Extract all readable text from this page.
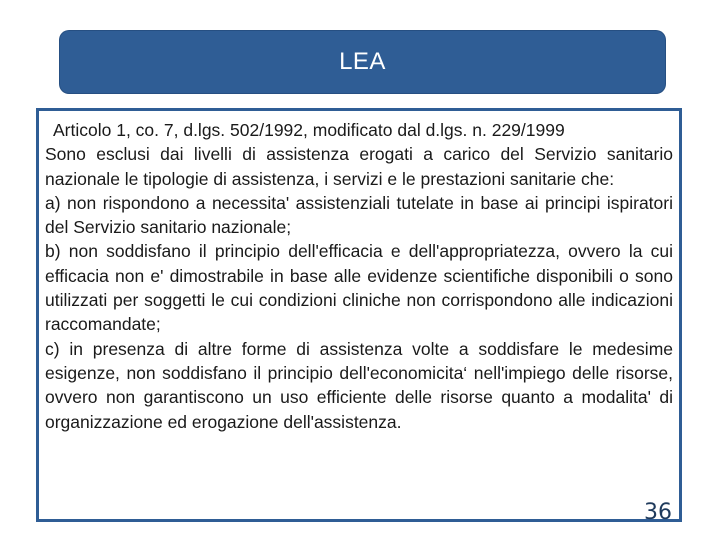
LEA

Articolo 1, co. 7, d.lgs. 502/1992, modificato dal d.lgs. n. 229/1999

Sono esclusi dai livelli di assistenza erogati a carico del Servizio sanitario nazionale le tipologie di assistenza, i servizi e le prestazioni sanitarie che:

a) non rispondono a necessita' assistenziali tutelate in base ai principi ispiratori del Servizio sanitario nazionale;

b) non soddisfano il principio dell'efficacia e dell'appropriatezza, ovvero la cui efficacia non e' dimostrabile in base alle evidenze scientifiche disponibili o sono utilizzati per soggetti le cui condizioni cliniche non corrispondono alle indicazioni raccomandate;

c) in presenza di altre forme di assistenza volte a soddisfare le medesime esigenze, non soddisfano il principio dell'economicita‘ nell'impiego delle risorse, ovvero non garantiscono un uso efficiente delle risorse quanto a modalita' di organizzazione ed erogazione dell'assistenza.

36
